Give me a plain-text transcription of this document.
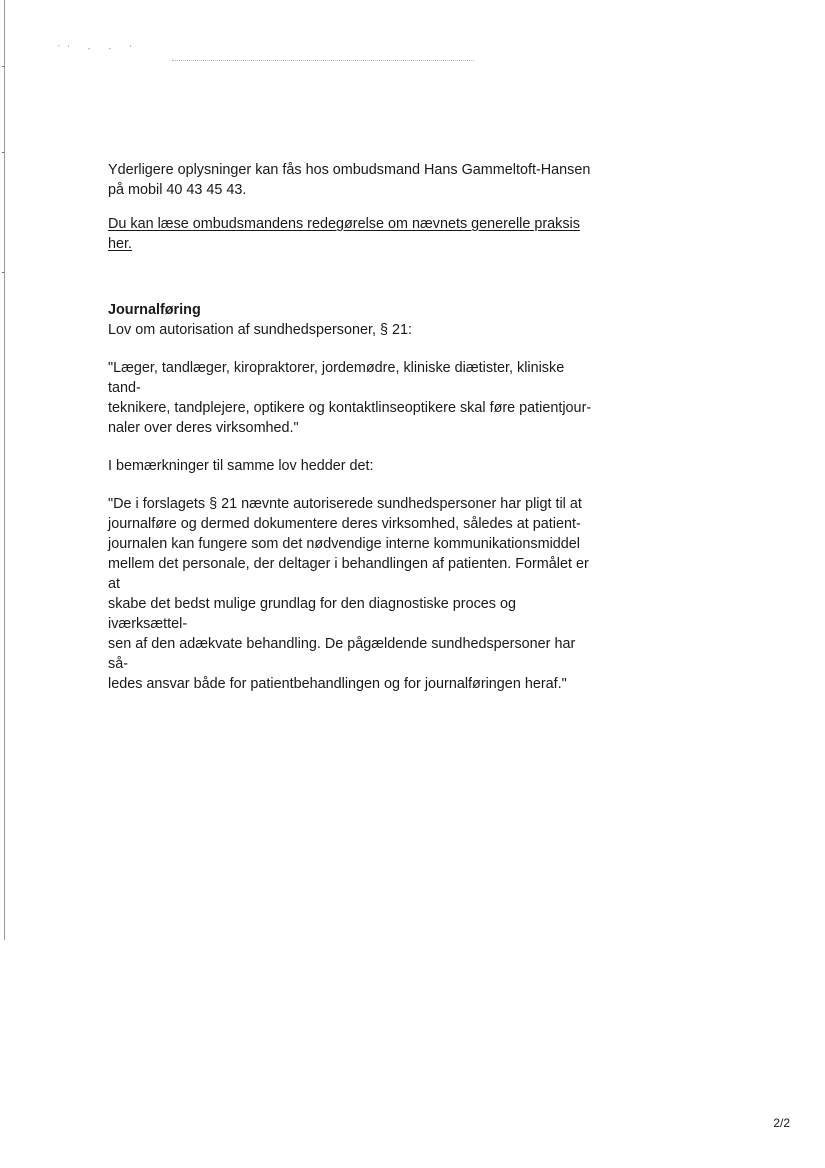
’‘ - - ‘

Yderligere oplysninger kan fås hos ombudsmand Hans Gammeltoft-Hansen
på mobil 40 43 45 43.

Du kan læse ombudsmandens redegørelse om nævnets generelle praksis
her.

Journalføring

Lov om autorisation af sundhedspersoner, § 21:

"Læger, tandlæger, kiropraktorer, jordemødre, kliniske diætister, kliniske tand-
teknikere, tandplejere, optikere og kontaktlinseoptikere skal føre patientjour-
naler over deres virksomhed."

I bemærkninger til samme lov hedder det:

"De i forslagets § 21 nævnte autoriserede sundhedspersoner har pligt til at
journalføre og dermed dokumentere deres virksomhed, således at patient-
journalen kan fungere som det nødvendige interne kommunikationsmiddel
mellem det personale, der deltager i behandlingen af patienten. Formålet er at
skabe det bedst mulige grundlag for den diagnostiske proces og iværksættel-
sen af den adækvate behandling. De pågældende sundhedspersoner har så-
ledes ansvar både for patientbehandlingen og for journalføringen heraf."

2/2
